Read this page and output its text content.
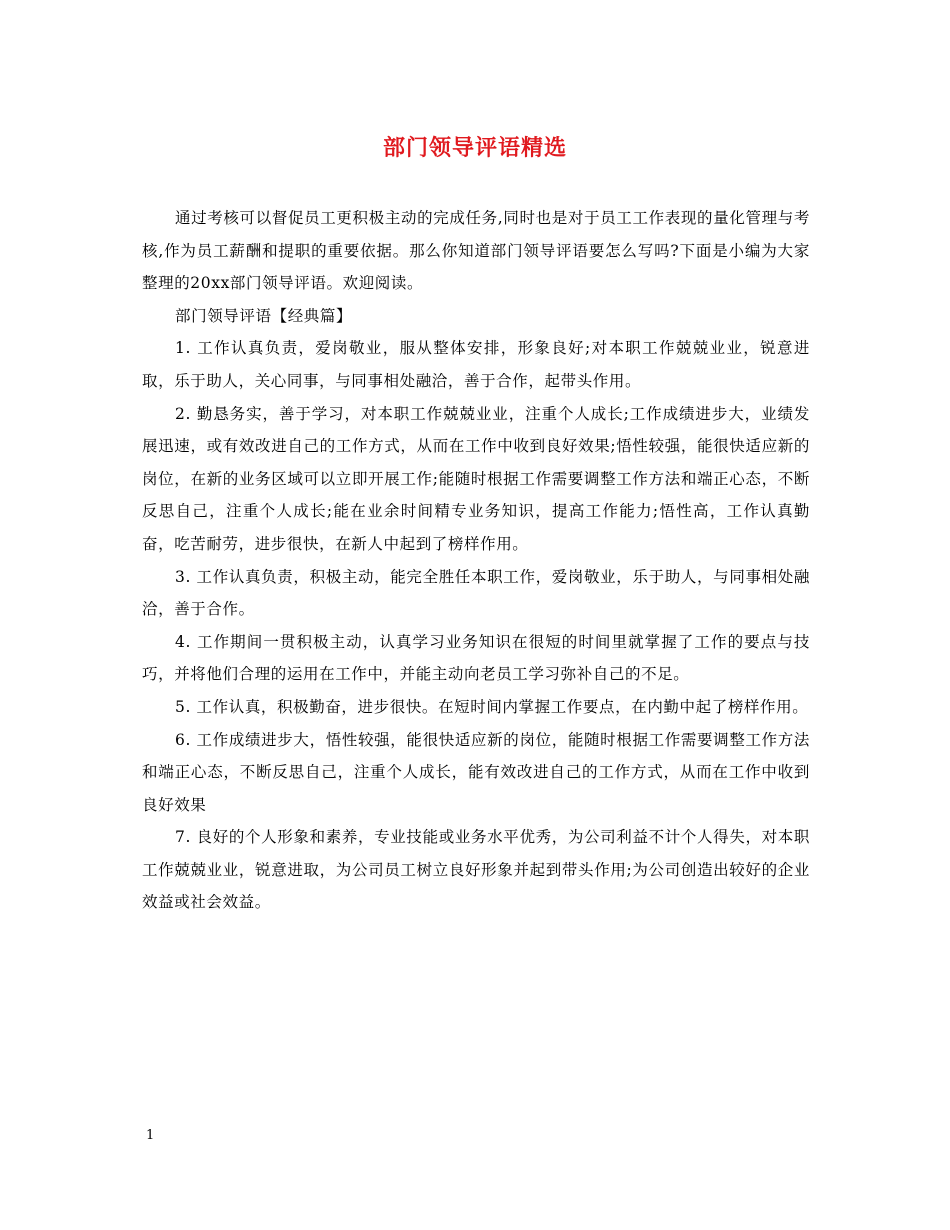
部门领导评语精选

通过考核可以督促员工更积极主动的完成任务,同时也是对于员工工作表现的量化管理与考核,作为员工薪酬和提职的重要依据。那么你知道部门领导评语要怎么写吗?下面是小编为大家整理的20xx部门领导评语。欢迎阅读。

部门领导评语【经典篇】

1. 工作认真负责，爱岗敬业，服从整体安排，形象良好;对本职工作兢兢业业，锐意进取，乐于助人，关心同事，与同事相处融洽，善于合作，起带头作用。

2. 勤恳务实，善于学习，对本职工作兢兢业业，注重个人成长;工作成绩进步大，业绩发展迅速，或有效改进自己的工作方式，从而在工作中收到良好效果;悟性较强，能很快适应新的岗位，在新的业务区域可以立即开展工作;能随时根据工作需要调整工作方法和端正心态，不断反思自己，注重个人成长;能在业余时间精专业务知识，提高工作能力;悟性高，工作认真勤奋，吃苦耐劳，进步很快，在新人中起到了榜样作用。

3. 工作认真负责，积极主动，能完全胜任本职工作，爱岗敬业，乐于助人，与同事相处融洽，善于合作。

4. 工作期间一贯积极主动，认真学习业务知识在很短的时间里就掌握了工作的要点与技巧，并将他们合理的运用在工作中，并能主动向老员工学习弥补自己的不足。

5. 工作认真，积极勤奋，进步很快。在短时间内掌握工作要点，在内勤中起了榜样作用。

6. 工作成绩进步大，悟性较强，能很快适应新的岗位，能随时根据工作需要调整工作方法和端正心态，不断反思自己，注重个人成长，能有效改进自己的工作方式，从而在工作中收到良好效果

7. 良好的个人形象和素养，专业技能或业务水平优秀，为公司利益不计个人得失，对本职工作兢兢业业，锐意进取，为公司员工树立良好形象并起到带头作用;为公司创造出较好的企业效益或社会效益。

1
